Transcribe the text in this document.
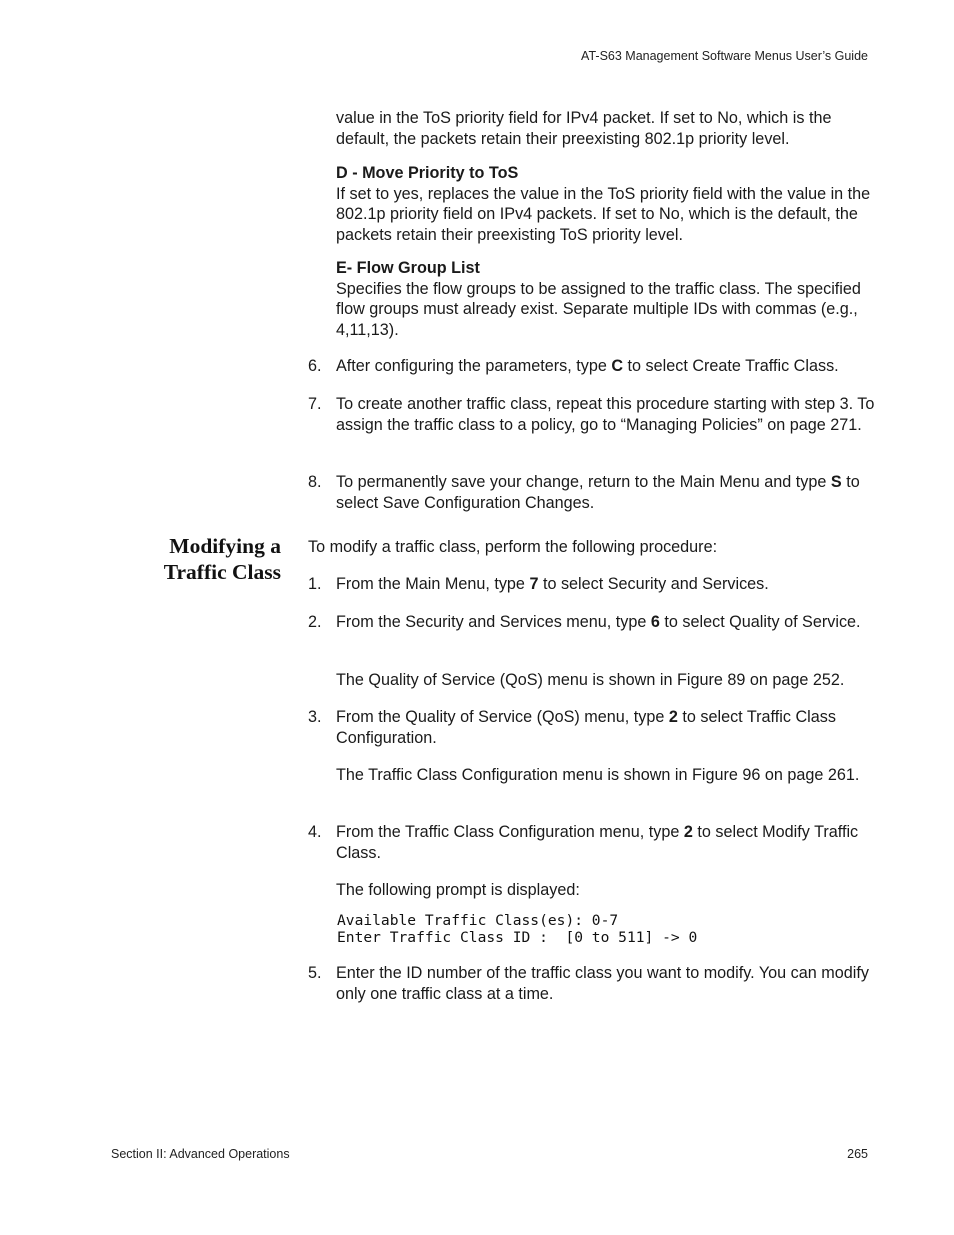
AT-S63 Management Software Menus User’s Guide
value in the ToS priority field for IPv4 packet. If set to No, which is the default, the packets retain their preexisting 802.1p priority level.
D - Move Priority to ToS
If set to yes, replaces the value in the ToS priority field with the value in the 802.1p priority field on IPv4 packets. If set to No, which is the default, the packets retain their preexisting ToS priority level.
E- Flow Group List
Specifies the flow groups to be assigned to the traffic class. The specified flow groups must already exist. Separate multiple IDs with commas (e.g., 4,11,13).
6. After configuring the parameters, type C to select Create Traffic Class.
7. To create another traffic class, repeat this procedure starting with step 3. To assign the traffic class to a policy, go to “Managing Policies” on page 271.
8. To permanently save your change, return to the Main Menu and type S to select Save Configuration Changes.
Modifying a
Traffic Class
To modify a traffic class, perform the following procedure:
1. From the Main Menu, type 7 to select Security and Services.
2. From the Security and Services menu, type 6 to select Quality of Service.
The Quality of Service (QoS) menu is shown in Figure 89 on page 252.
3. From the Quality of Service (QoS) menu, type 2 to select Traffic Class Configuration.
The Traffic Class Configuration menu is shown in Figure 96 on page 261.
4. From the Traffic Class Configuration menu, type 2 to select Modify Traffic Class.
The following prompt is displayed:
Available Traffic Class(es): 0-7
Enter Traffic Class ID :  [0 to 511] -> 0
5. Enter the ID number of the traffic class you want to modify. You can modify only one traffic class at a time.
Section II: Advanced Operations	265
